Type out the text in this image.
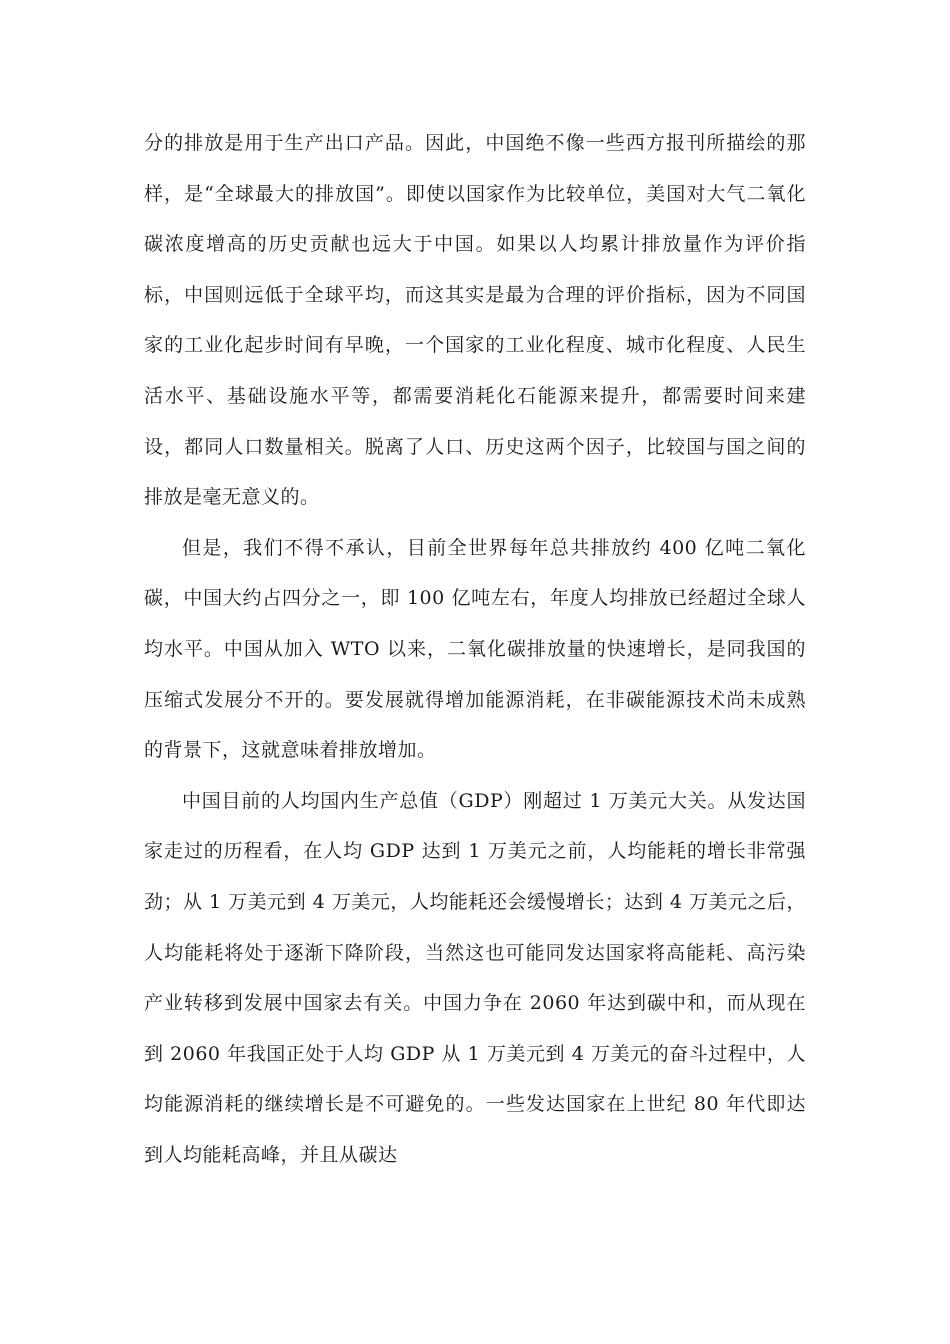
分的排放是用于生产出口产品。因此，中国绝不像一些西方报刊所描绘的那样，是“全球最大的排放国”。即使以国家作为比较单位，美国对大气二氧化碳浓度增高的历史贡献也远大于中国。如果以人均累计排放量作为评价指标，中国则远低于全球平均，而这其实是最为合理的评价指标，因为不同国家的工业化起步时间有早晚，一个国家的工业化程度、城市化程度、人民生活水平、基础设施水平等，都需要消耗化石能源来提升，都需要时间来建设，都同人口数量相关。脱离了人口、历史这两个因子，比较国与国之间的排放是毫无意义的。

但是，我们不得不承认，目前全世界每年总共排放约 400 亿吨二氧化碳，中国大约占四分之一，即 100 亿吨左右，年度人均排放已经超过全球人均水平。中国从加入 WTO 以来，二氧化碳排放量的快速增长，是同我国的压缩式发展分不开的。要发展就得增加能源消耗，在非碳能源技术尚未成熟的背景下，这就意味着排放增加。

中国目前的人均国内生产总值（GDP）刚超过 1 万美元大关。从发达国家走过的历程看，在人均 GDP 达到 1 万美元之前，人均能耗的增长非常强劲；从 1 万美元到 4 万美元，人均能耗还会缓慢增长；达到 4 万美元之后，人均能耗将处于逐渐下降阶段，当然这也可能同发达国家将高能耗、高污染产业转移到发展中国家去有关。中国力争在 2060 年达到碳中和，而从现在到 2060 年我国正处于人均 GDP 从 1 万美元到 4 万美元的奋斗过程中，人均能源消耗的继续增长是不可避免的。一些发达国家在上世纪 80 年代即达到人均能耗高峰，并且从碳达
